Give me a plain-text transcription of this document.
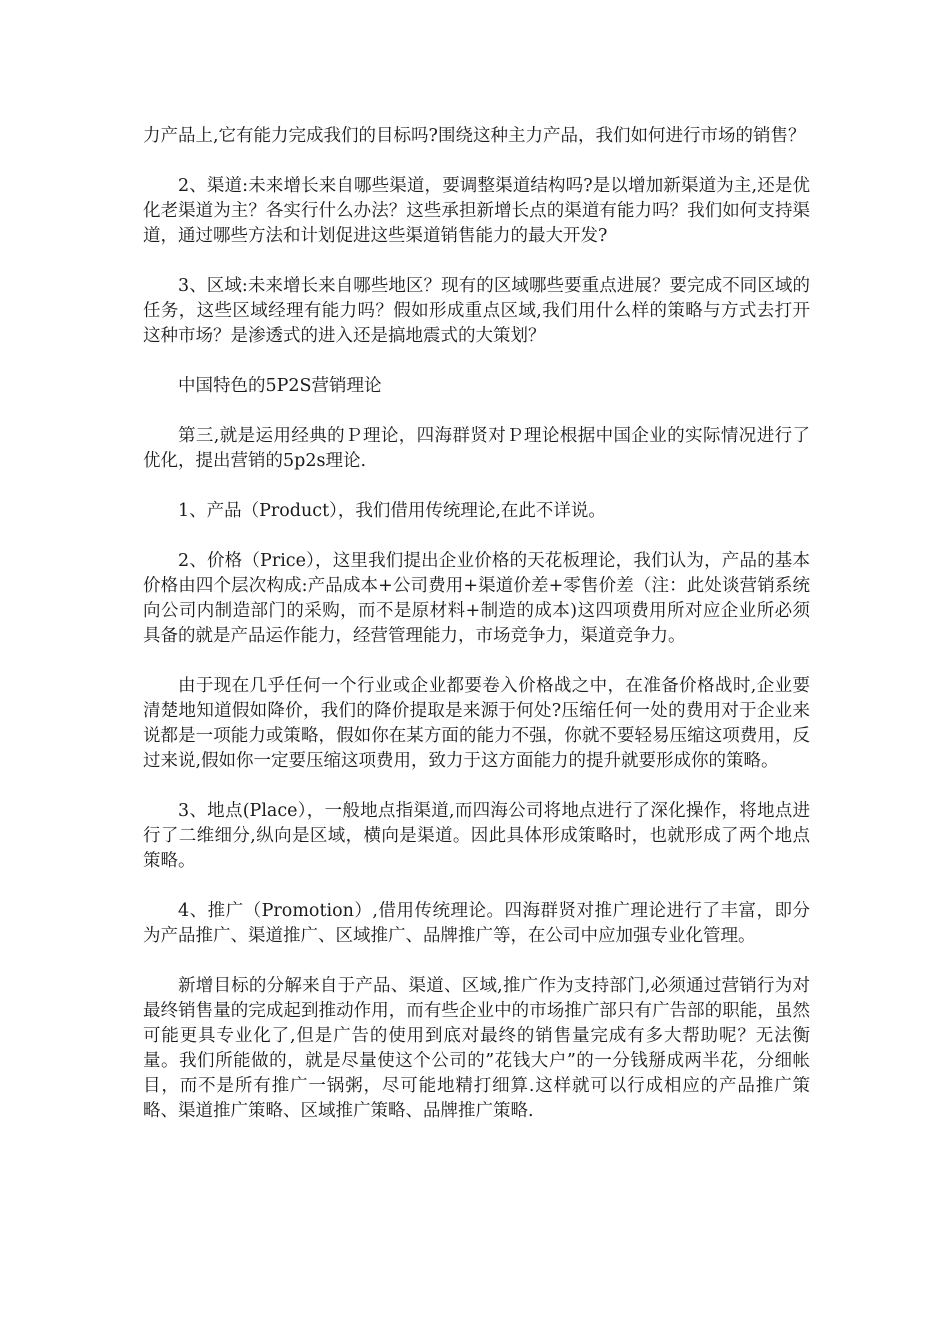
力产品上,它有能力完成我们的目标吗?围绕这种主力产品，我们如何进行市场的销售？

2、渠道:未来增长来自哪些渠道，要调整渠道结构吗?是以增加新渠道为主,还是优化老渠道为主？各实行什么办法？这些承担新增长点的渠道有能力吗？我们如何支持渠道，通过哪些方法和计划促进这些渠道销售能力的最大开发?

3、区域:未来增长来自哪些地区？现有的区域哪些要重点进展？要完成不同区域的任务，这些区域经理有能力吗？假如形成重点区域,我们用什么样的策略与方式去打开这种市场？是渗透式的进入还是搞地震式的大策划？

中国特色的5P2S营销理论

第三,就是运用经典的Ｐ理论，四海群贤对Ｐ理论根据中国企业的实际情况进行了优化，提出营销的5p2s理论.

1、产品（Product），我们借用传统理论,在此不详说。

2、价格（Price），这里我们提出企业价格的天花板理论，我们认为，产品的基本价格由四个层次构成:产品成本+公司费用+渠道价差+零售价差（注：此处谈营销系统向公司内制造部门的采购，而不是原材料+制造的成本)这四项费用所对应企业所必须具备的就是产品运作能力，经营管理能力，市场竞争力，渠道竞争力。

由于现在几乎任何一个行业或企业都要卷入价格战之中，在准备价格战时,企业要清楚地知道假如降价，我们的降价提取是来源于何处?压缩任何一处的费用对于企业来说都是一项能力或策略，假如你在某方面的能力不强，你就不要轻易压缩这项费用，反过来说,假如你一定要压缩这项费用，致力于这方面能力的提升就要形成你的策略。

3、地点(Place），一般地点指渠道,而四海公司将地点进行了深化操作，将地点进行了二维细分,纵向是区域，横向是渠道。因此具体形成策略时，也就形成了两个地点策略。

4、推广（Promotion）,借用传统理论。四海群贤对推广理论进行了丰富，即分为产品推广、渠道推广、区域推广、品牌推广等，在公司中应加强专业化管理。

新增目标的分解来自于产品、渠道、区域,推广作为支持部门,必须通过营销行为对最终销售量的完成起到推动作用，而有些企业中的市场推广部只有广告部的职能，虽然可能更具专业化了,但是广告的使用到底对最终的销售量完成有多大帮助呢？无法衡量。我们所能做的，就是尽量使这个公司的”花钱大户”的一分钱掰成两半花，分细帐目，而不是所有推广一锅粥，尽可能地精打细算.这样就可以行成相应的产品推广策略、渠道推广策略、区域推广策略、品牌推广策略.
